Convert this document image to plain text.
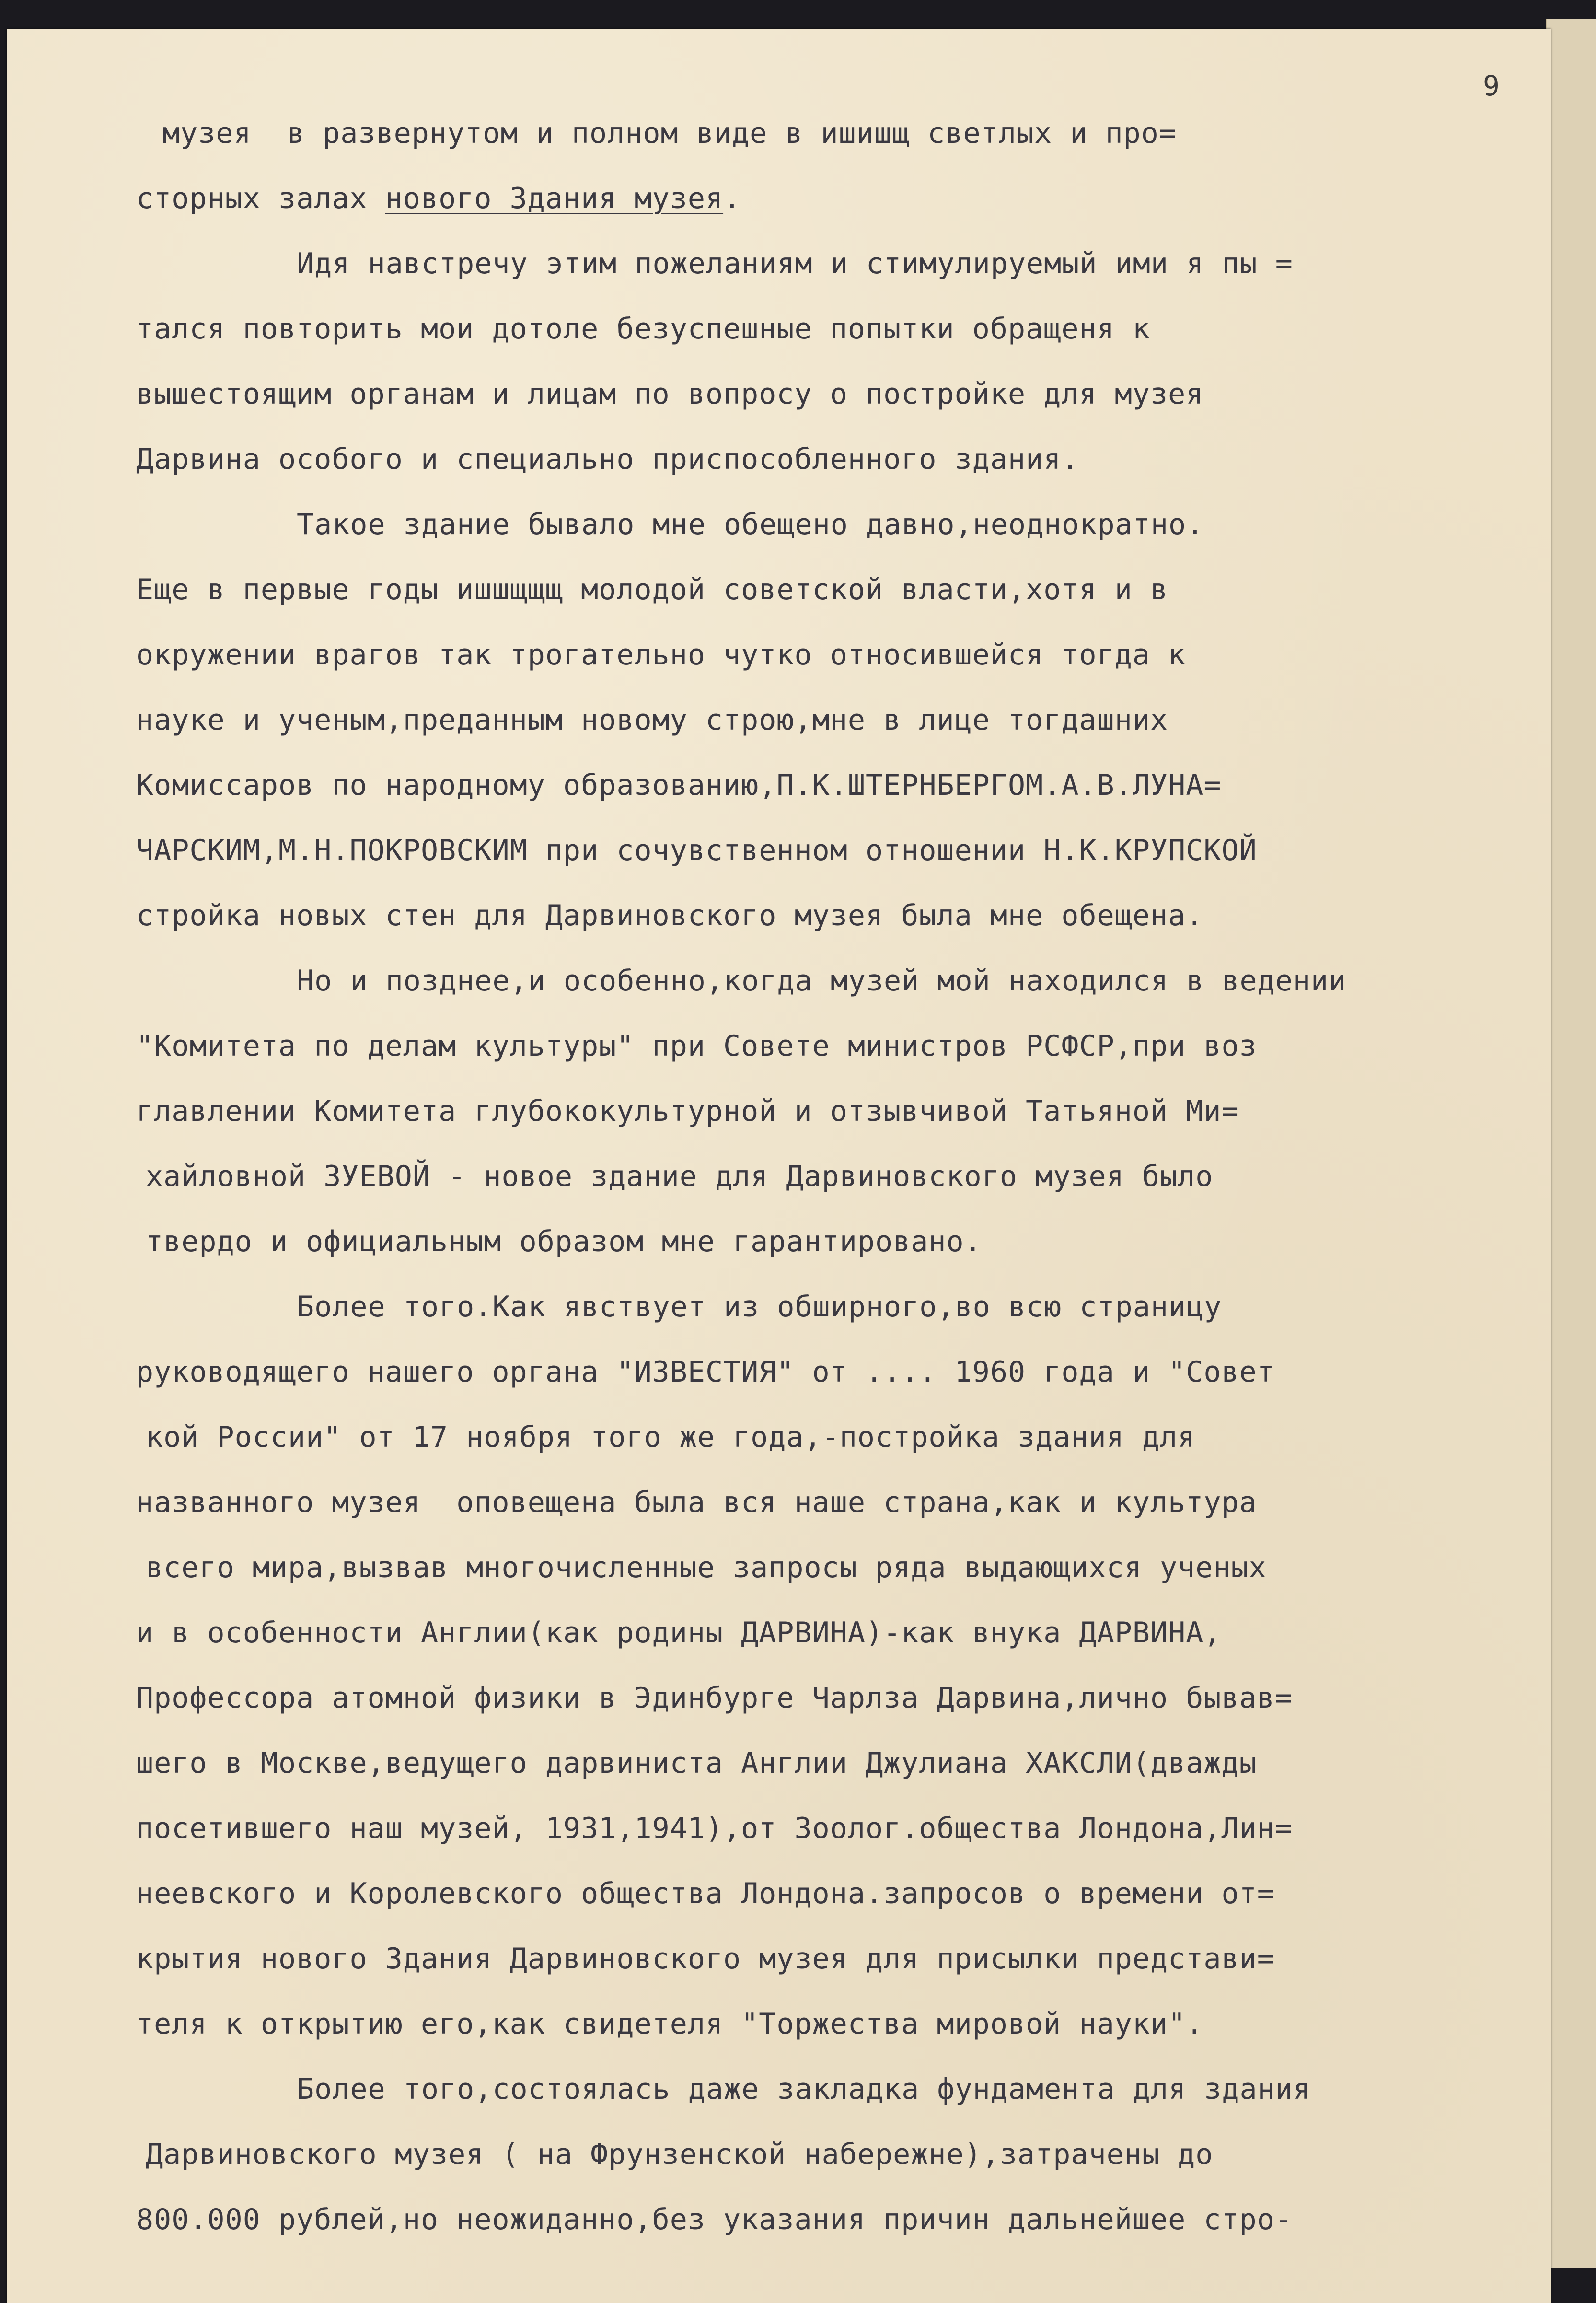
9
музея  в развернутом и полном виде в ишишщ светлых и про=
сторных залах нового Здания музея.
Идя навстречу этим пожеланиям и стимулируемый ими я пы =
тался повторить мои дотоле безуспешные попытки обращеня к
вышестоящим органам и лицам по вопросу о постройке для музея
Дарвина особого и специально приспособленного здания.
Такое здание бывало мне обещено давно,неоднократно.
Еще в первые годы ишшщщщ молодой советской власти,хотя и в
окружении врагов так трогательно чутко относившейся тогда к
науке и ученым,преданным новому строю,мне в лице тогдашних
Комиссаров по народному образованию,П.К.ШТЕРНБЕРГОМ.А.В.ЛУНА=
ЧАРСКИМ,М.Н.ПОКРОВСКИМ при сочувственном отношении Н.К.КРУПСКОЙ
стройка новых стен для Дарвиновского музея была мне обещена.
Но и позднее,и особенно,когда музей мой находился в ведении
"Комитета по делам культуры" при Совете министров РСФСР,при воз
главлении Комитета глубококультурной и отзывчивой Татьяной Ми=
хайловной ЗУЕВОЙ - новое здание для Дарвиновского музея было
твердо и официальным образом мне гарантировано.
Более того.Как явствует из обширного,во всю страницу
руководящего нашего органа "ИЗВЕСТИЯ" от .... 1960 года и "Совет
кой России" от 17 ноября того же года,-постройка здания для
названного музея  оповещена была вся наше страна,как и культура
всего мира,вызвав многочисленные запросы ряда выдающихся ученых
и в особенности Англии(как родины ДАРВИНА)-как внука ДАРВИНА,
Профессора атомной физики в Эдинбурге Чарлза Дарвина,лично бывав=
шего в Москве,ведущего дарвиниста Англии Джулиана ХАКСЛИ(дважды
посетившего наш музей, 1931,1941),от Зоолог.общества Лондона,Лин=
неевского и Королевского общества Лондона.запросов о времени от=
крытия нового Здания Дарвиновского музея для присылки представи=
теля к открытию его,как свидетеля "Торжества мировой науки".
Более того,состоялась даже закладка фундамента для здания
Дарвиновского музея ( на Фрунзенской набережне),затрачены до
800.000 рублей,но неожиданно,без указания причин дальнейшее стро-
